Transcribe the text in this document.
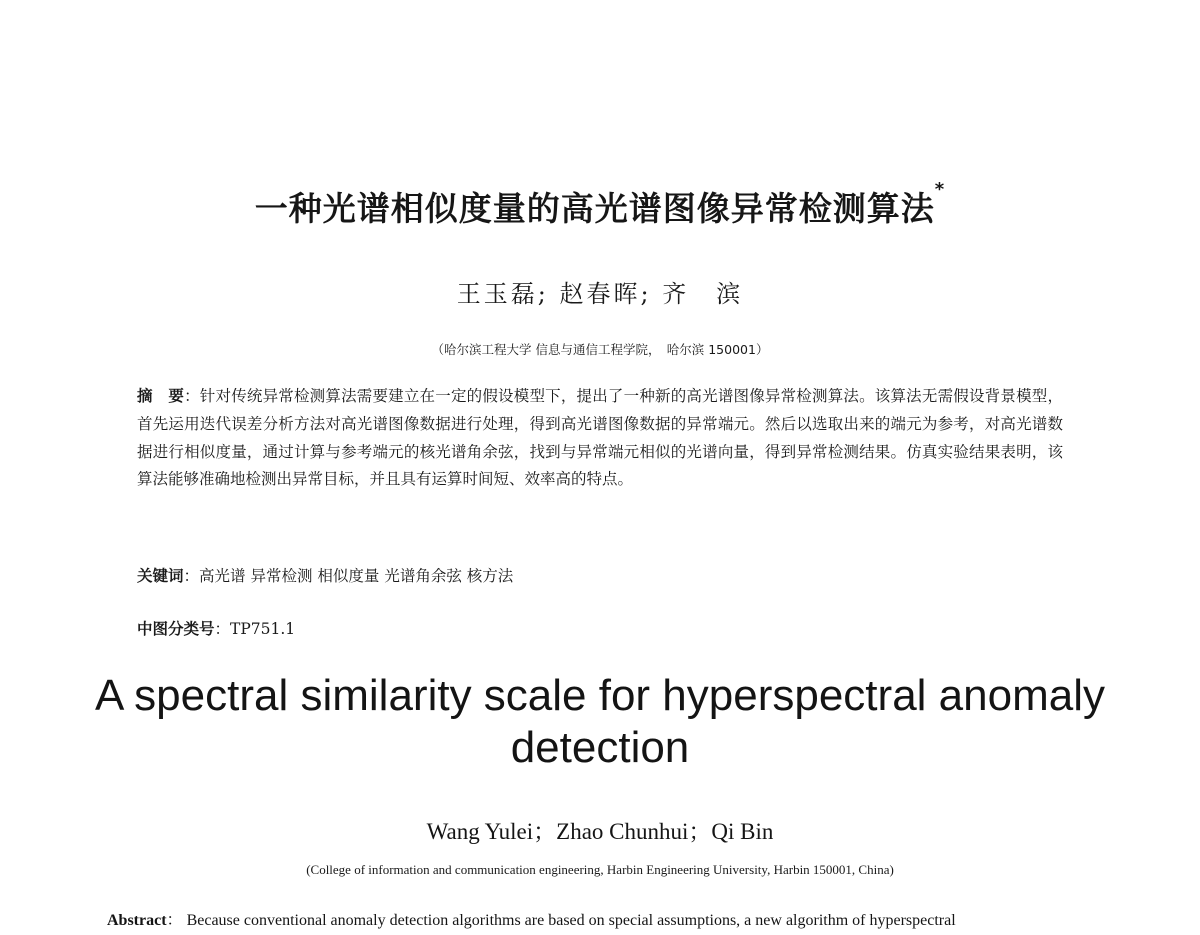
一种光谱相似度量的高光谱图像异常检测算法*
王玉磊; 赵春晖; 齐　滨
（哈尔滨工程大学 信息与通信工程学院，　哈尔滨 150001）
摘　要：针对传统异常检测算法需要建立在一定的假设模型下，提出了一种新的高光谱图像异常检测算法。该算法无需假设背景模型，首先运用迭代误差分析方法对高光谱图像数据进行处理，得到高光谱图像数据的异常端元。然后以选取出来的端元为参考，对高光谱数据进行相似度量，通过计算与参考端元的核光谱角余弦，找到与异常端元相似的光谱向量，得到异常检测结果。仿真实验结果表明，该算法能够准确地检测出异常目标，并且具有运算时间短、效率高的特点。
关键词：高光谱 异常检测 相似度量 光谱角余弦 核方法
中图分类号：TP751.1
A spectral similarity scale for hyperspectral anomaly detection
Wang Yulei；Zhao Chunhui；Qi Bin
(College of information and communication engineering, Harbin Engineering University, Harbin 150001, China)
Abstract： Because conventional anomaly detection algorithms are based on special assumptions, a new algorithm of hyperspectral
